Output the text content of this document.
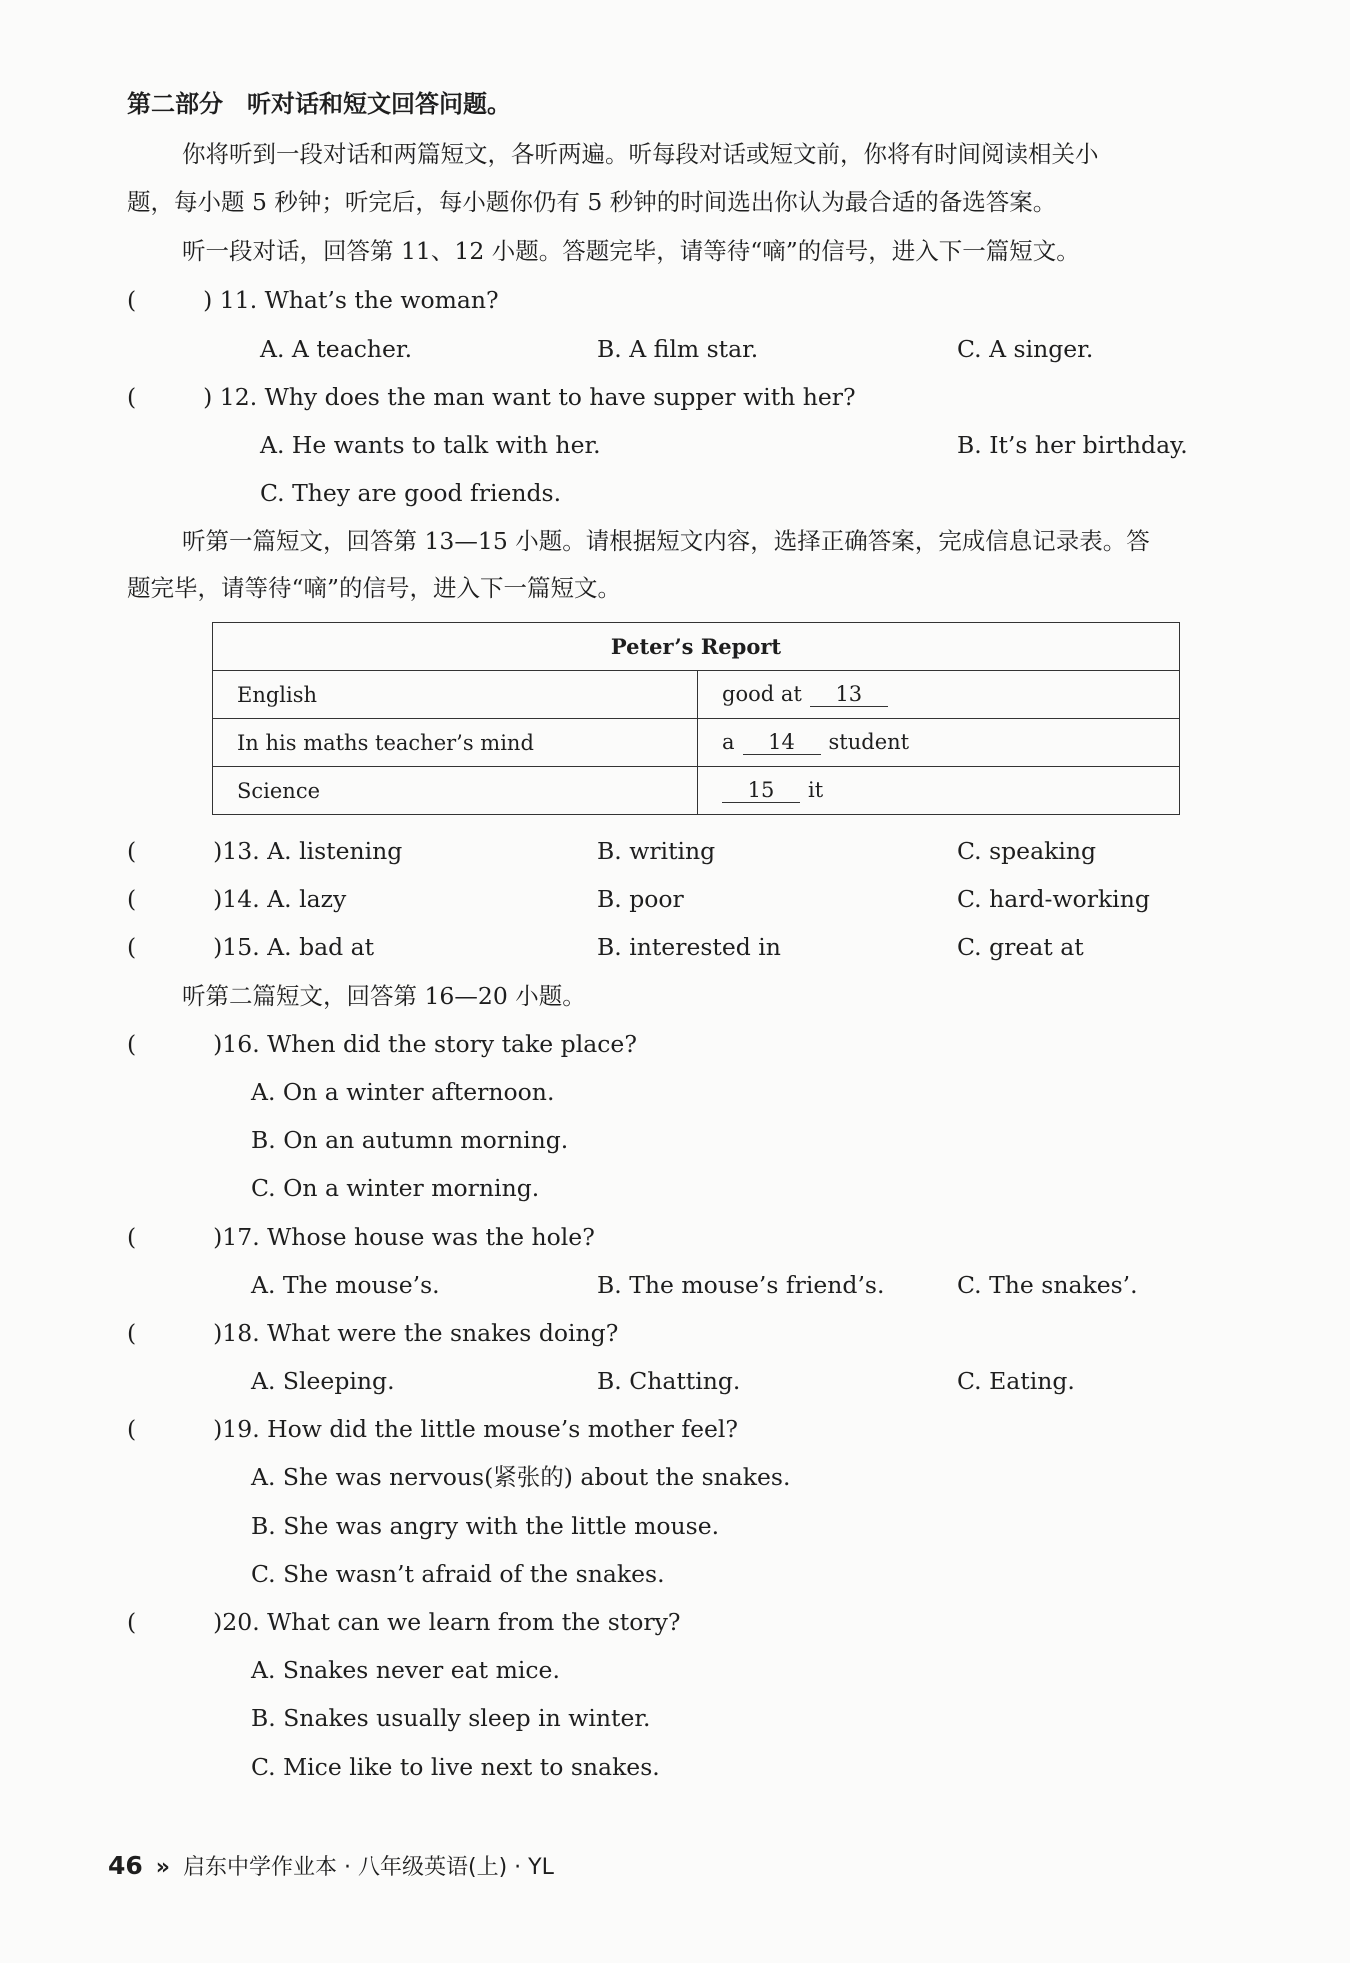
第二部分　听对话和短文回答问题。
你将听到一段对话和两篇短文，各听两遍。听每段对话或短文前，你将有时间阅读相关小
题，每小题 5 秒钟；听完后，每小题你仍有 5 秒钟的时间选出你认为最合适的备选答案。
听一段对话，回答第 11、12 小题。答题完毕，请等待“嘀”的信号，进入下一篇短文。
(	) 11. What’s the woman?
A. A teacher.	B. A film star.	C. A singer.
(	) 12. Why does the man want to have supper with her?
A. He wants to talk with her.	B. It’s her birthday.
C. They are good friends.
听第一篇短文，回答第 13—15 小题。请根据短文内容，选择正确答案，完成信息记录表。答
题完毕，请等待“嘀”的信号，进入下一篇短文。
Peter’s Report	
English	good at 13
In his maths teacher’s mind	a 14 student
Science	15 it
(	)13. A. listening	B. writing	C. speaking
(	)14. A. lazy	B. poor	C. hard-working
(	)15. A. bad at	B. interested in	C. great at
听第二篇短文，回答第 16—20 小题。
(	)16. When did the story take place?
A. On a winter afternoon.
B. On an autumn morning.
C. On a winter morning.
(	)17. Whose house was the hole?
A. The mouse’s.	B. The mouse’s friend’s.	C. The snakes’.
(	)18. What were the snakes doing?
A. Sleeping.	B. Chatting.	C. Eating.
(	)19. How did the little mouse’s mother feel?
A. She was nervous(紧张的) about the snakes.
B. She was angry with the little mouse.
C. She wasn’t afraid of the snakes.
(	)20. What can we learn from the story?
A. Snakes never eat mice.
B. Snakes usually sleep in winter.
C. Mice like to live next to snakes.
46 » 启东中学作业本 · 八年级英语(上) · YL
